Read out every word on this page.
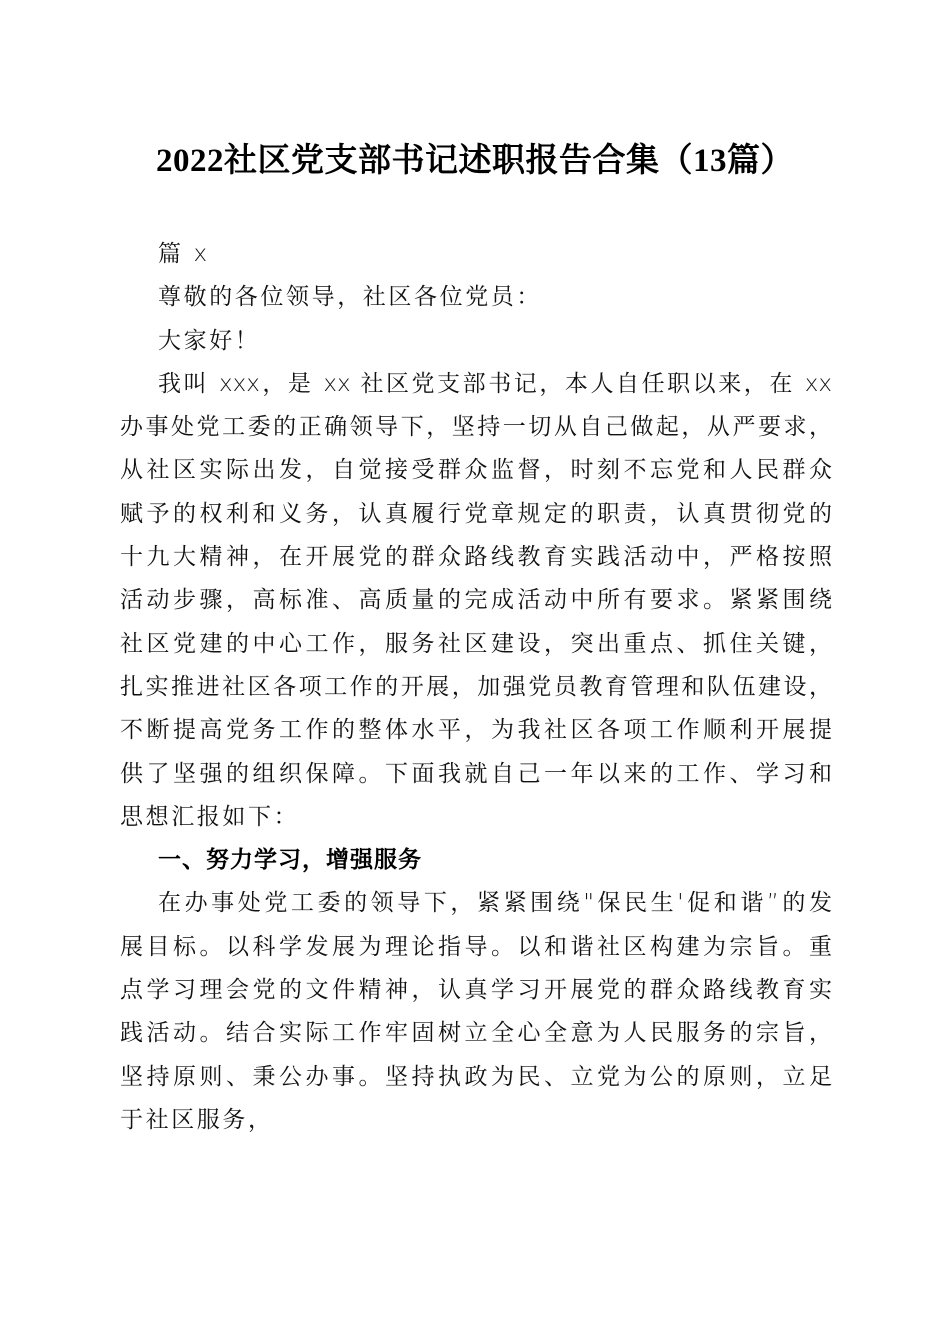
2022社区党支部书记述职报告合集（13篇）
篇 x
尊敬的各位领导，社区各位党员：
大家好！
我叫 xxx，是 xx 社区党支部书记，本人自任职以来，在 xx
办事处党工委的正确领导下，坚持一切从自己做起，从严要求，
从社区实际出发，自觉接受群众监督，时刻不忘党和人民群众
赋予的权利和义务，认真履行党章规定的职责，认真贯彻党的
十九大精神，在开展党的群众路线教育实践活动中，严格按照
活动步骤，高标准、高质量的完成活动中所有要求。紧紧围绕
社区党建的中心工作，服务社区建设，突出重点、抓住关键，
扎实推进社区各项工作的开展，加强党员教育管理和队伍建设，
不断提高党务工作的整体水平，为我社区各项工作顺利开展提
供了坚强的组织保障。下面我就自己一年以来的工作、学习和
思想汇报如下：
一、努力学习，增强服务
在办事处党工委的领导下，紧紧围绕"保民生'促和谐”的发
展目标。以科学发展为理论指导。以和谐社区构建为宗旨。重
点学习理会党的文件精神，认真学习开展党的群众路线教育实
践活动。结合实际工作牢固树立全心全意为人民服务的宗旨，
坚持原则、秉公办事。坚持执政为民、立党为公的原则，立足
于社区服务，
